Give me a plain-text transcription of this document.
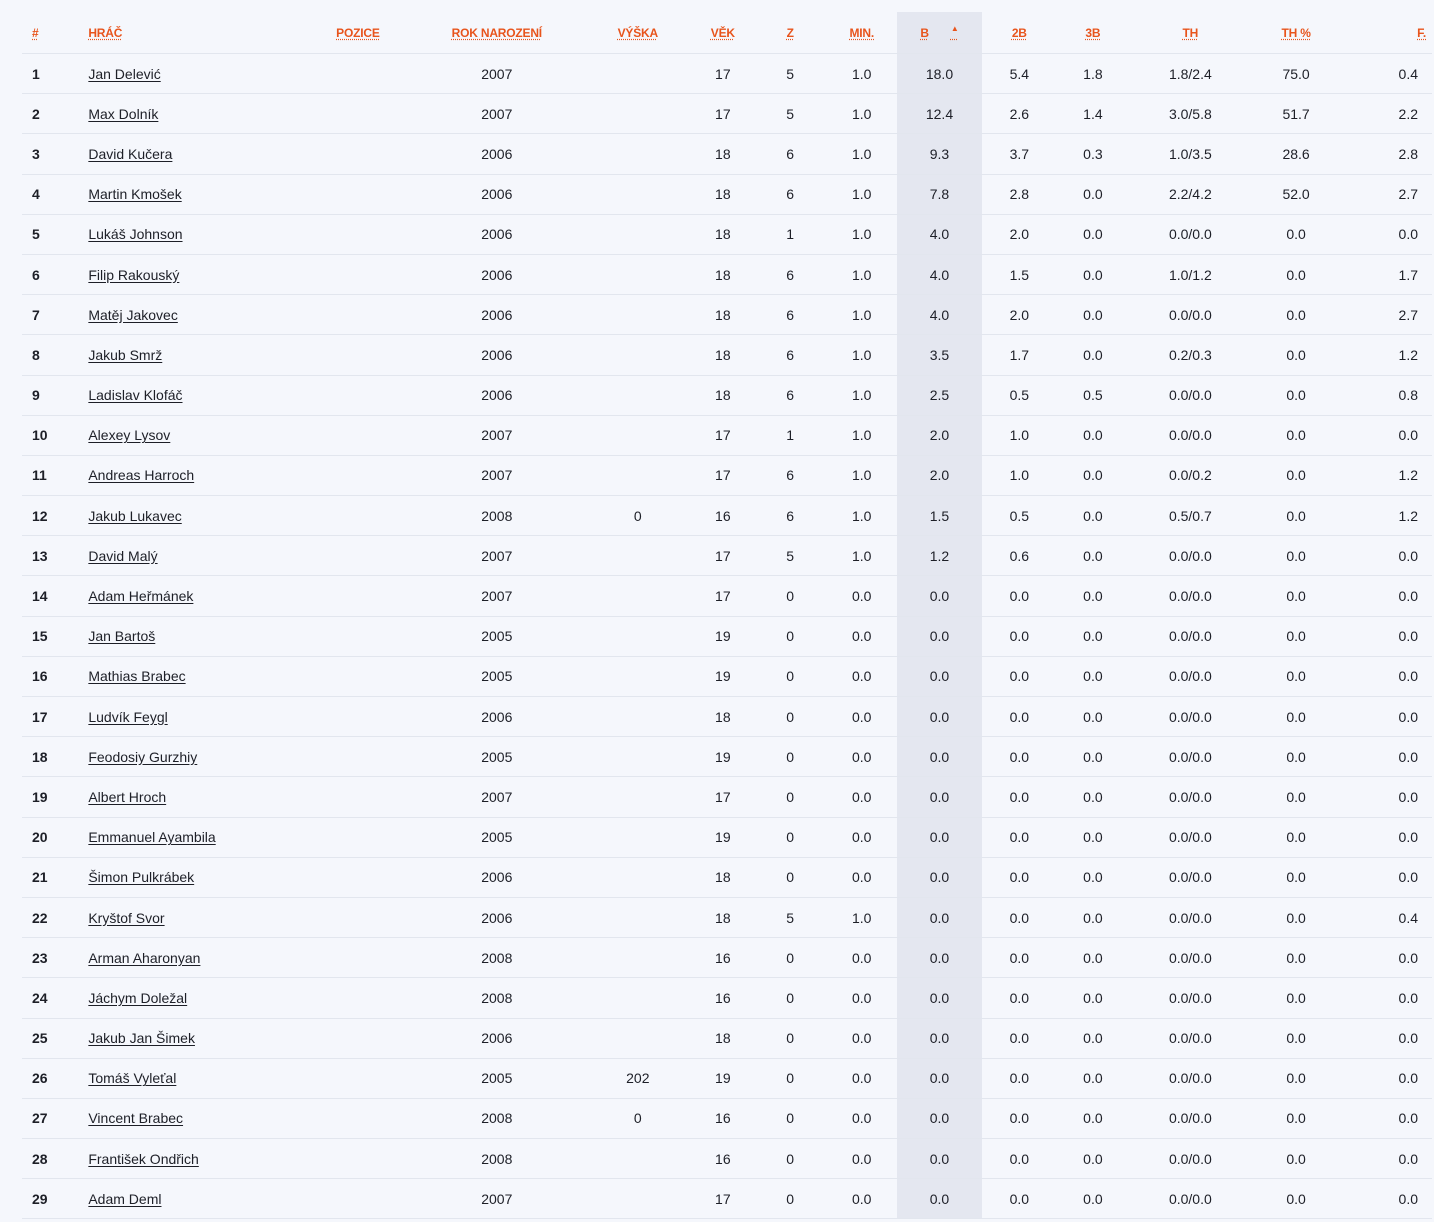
#	HRÁČ	POZICE	ROK NAROZENÍ	VÝŠKA	VĚK	Z	MIN.	B ▲	2B	3B	TH	TH %	F.
1	Jan Delević		2007		17	5	1.0	18.0	5.4	1.8	1.8/2.4	75.0	0.4
2	Max Dolník		2007		17	5	1.0	12.4	2.6	1.4	3.0/5.8	51.7	2.2
3	David Kučera		2006		18	6	1.0	9.3	3.7	0.3	1.0/3.5	28.6	2.8
4	Martin Kmošek		2006		18	6	1.0	7.8	2.8	0.0	2.2/4.2	52.0	2.7
5	Lukáš Johnson		2006		18	1	1.0	4.0	2.0	0.0	0.0/0.0	0.0	0.0
6	Filip Rakouský		2006		18	6	1.0	4.0	1.5	0.0	1.0/1.2	0.0	1.7
7	Matěj Jakovec		2006		18	6	1.0	4.0	2.0	0.0	0.0/0.0	0.0	2.7
8	Jakub Smrž		2006		18	6	1.0	3.5	1.7	0.0	0.2/0.3	0.0	1.2
9	Ladislav Klofáč		2006		18	6	1.0	2.5	0.5	0.5	0.0/0.0	0.0	0.8
10	Alexey Lysov		2007		17	1	1.0	2.0	1.0	0.0	0.0/0.0	0.0	0.0
11	Andreas Harroch		2007		17	6	1.0	2.0	1.0	0.0	0.0/0.2	0.0	1.2
12	Jakub Lukavec		2008	0	16	6	1.0	1.5	0.5	0.0	0.5/0.7	0.0	1.2
13	David Malý		2007		17	5	1.0	1.2	0.6	0.0	0.0/0.0	0.0	0.0
14	Adam Heřmánek		2007		17	0	0.0	0.0	0.0	0.0	0.0/0.0	0.0	0.0
15	Jan Bartoš		2005		19	0	0.0	0.0	0.0	0.0	0.0/0.0	0.0	0.0
16	Mathias Brabec		2005		19	0	0.0	0.0	0.0	0.0	0.0/0.0	0.0	0.0
17	Ludvík Feygl		2006		18	0	0.0	0.0	0.0	0.0	0.0/0.0	0.0	0.0
18	Feodosiy Gurzhiy		2005		19	0	0.0	0.0	0.0	0.0	0.0/0.0	0.0	0.0
19	Albert Hroch		2007		17	0	0.0	0.0	0.0	0.0	0.0/0.0	0.0	0.0
20	Emmanuel Ayambila		2005		19	0	0.0	0.0	0.0	0.0	0.0/0.0	0.0	0.0
21	Šimon Pulkrábek		2006		18	0	0.0	0.0	0.0	0.0	0.0/0.0	0.0	0.0
22	Kryštof Svor		2006		18	5	1.0	0.0	0.0	0.0	0.0/0.0	0.0	0.4
23	Arman Aharonyan		2008		16	0	0.0	0.0	0.0	0.0	0.0/0.0	0.0	0.0
24	Jáchym Doležal		2008		16	0	0.0	0.0	0.0	0.0	0.0/0.0	0.0	0.0
25	Jakub Jan Šimek		2006		18	0	0.0	0.0	0.0	0.0	0.0/0.0	0.0	0.0
26	Tomáš Vyleťal		2005	202	19	0	0.0	0.0	0.0	0.0	0.0/0.0	0.0	0.0
27	Vincent Brabec		2008	0	16	0	0.0	0.0	0.0	0.0	0.0/0.0	0.0	0.0
28	František Ondřich		2008		16	0	0.0	0.0	0.0	0.0	0.0/0.0	0.0	0.0
29	Adam Deml		2007		17	0	0.0	0.0	0.0	0.0	0.0/0.0	0.0	0.0
